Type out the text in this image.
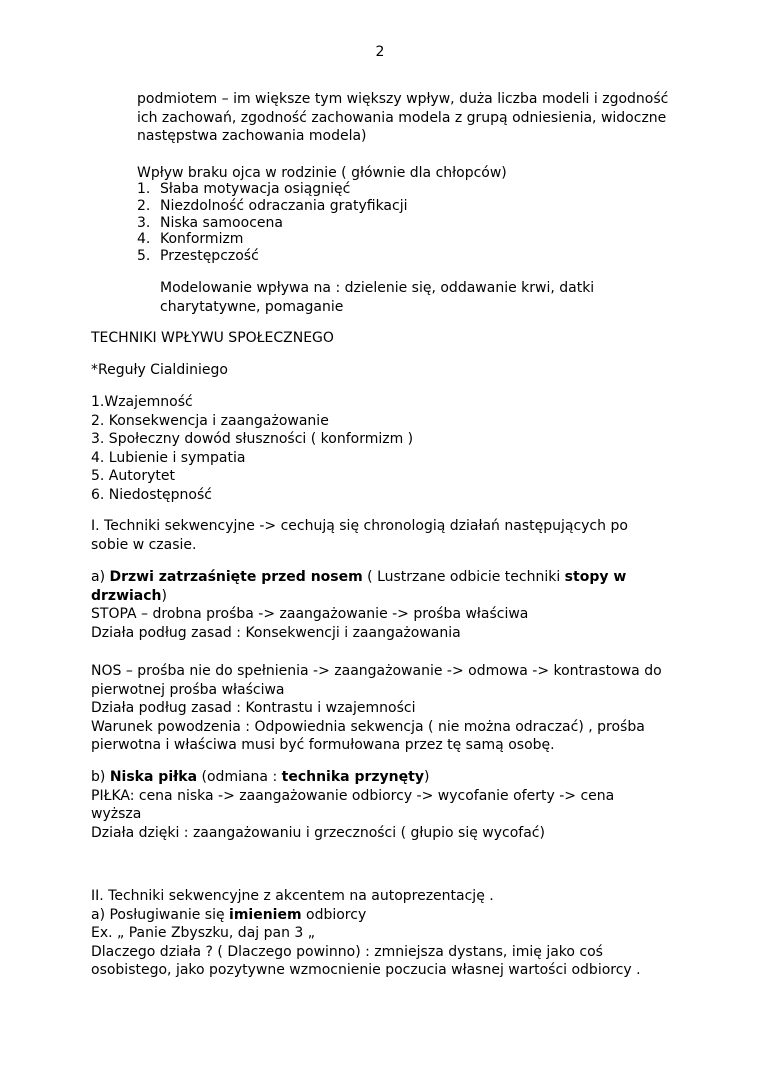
2
podmiotem – im większe tym większy wpływ, duża liczba modeli i zgodność
ich zachowań, zgodność zachowania modela z grupą odniesienia, widoczne
następstwa zachowania modela)
Wpływ braku ojca w rodzinie ( głównie dla chłopców)
1. Słaba motywacja osiągnięć
2. Niezdolność odraczania gratyfikacji
3. Niska samoocena
4. Konformizm
5. Przestępczość
Modelowanie wpływa na : dzielenie się, oddawanie krwi, datki
charytatywne, pomaganie
TECHNIKI WPŁYWU SPOŁECZNEGO
*Reguły Cialdiniego
1.Wzajemność
2. Konsekwencja i zaangażowanie
3. Społeczny dowód słuszności ( konformizm )
4. Lubienie i sympatia
5. Autorytet
6. Niedostępność
I. Techniki sekwencyjne -> cechują się chronologią działań następujących po
sobie w czasie.
a) Drzwi zatrzaśnięte przed nosem ( Lustrzane odbicie techniki stopy w
drzwiach)
STOPA – drobna prośba -> zaangażowanie -> prośba właściwa
Działa podług zasad : Konsekwencji i zaangażowania
NOS – prośba nie do spełnienia -> zaangażowanie -> odmowa -> kontrastowa do
pierwotnej prośba właściwa
Działa podług zasad : Kontrastu i wzajemności
Warunek powodzenia : Odpowiednia sekwencja ( nie można odraczać) , prośba
pierwotna i właściwa musi być formułowana przez tę samą osobę.
b) Niska piłka (odmiana : technika przynęty)
PIŁKA: cena niska -> zaangażowanie odbiorcy -> wycofanie oferty -> cena
wyższa
Działa dzięki : zaangażowaniu i grzeczności ( głupio się wycofać)
II. Techniki sekwencyjne z akcentem na autoprezentację .
a) Posługiwanie się imieniem odbiorcy
Ex. „ Panie Zbyszku, daj pan 3 „
Dlaczego działa ? ( Dlaczego powinno) : zmniejsza dystans, imię jako coś
osobistego, jako pozytywne wzmocnienie poczucia własnej wartości odbiorcy .
